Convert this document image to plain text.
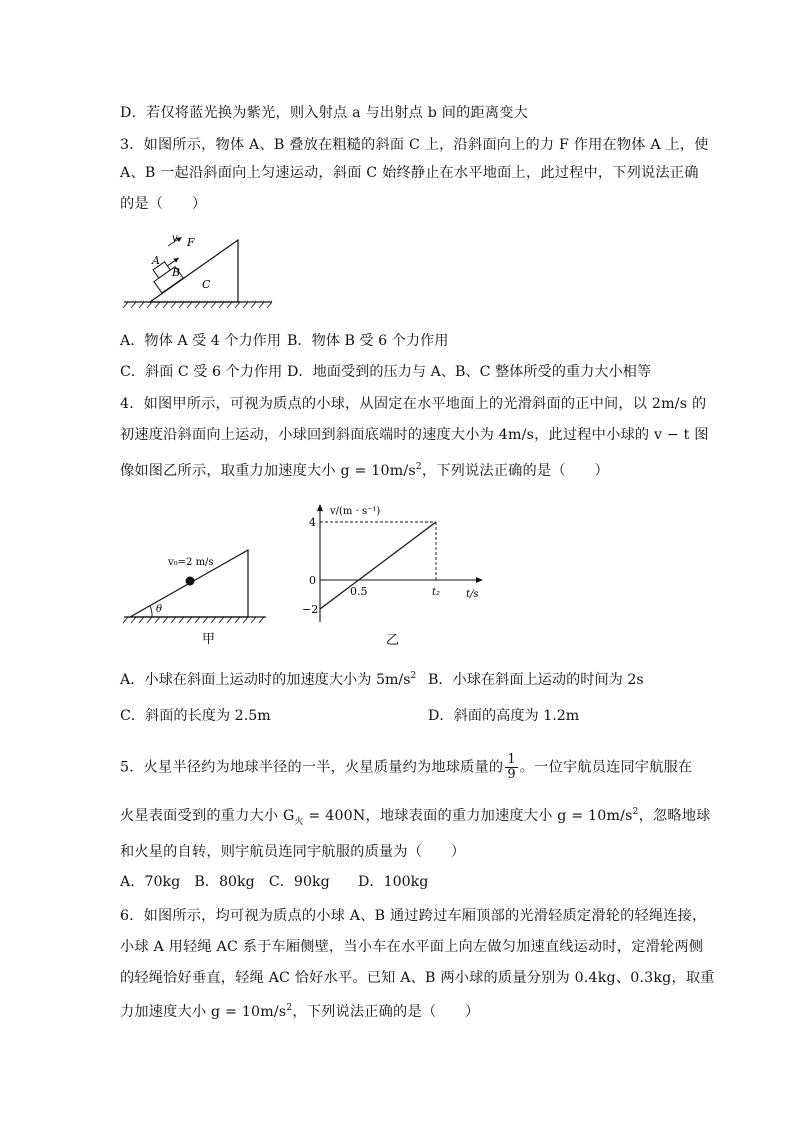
D．若仅将蓝光换为紫光，则入射点 a 与出射点 b 间的距离变大
3．如图所示，物体 A、B 叠放在粗糙的斜面 C 上，沿斜面向上的力 F 作用在物体 A 上，使
A、B 一起沿斜面向上匀速运动，斜面 C 始终静止在水平地面上，此过程中，下列说法正确
的是（　　）
v F
A
B
C
A．物体 A 受 4 个力作用 B．物体 B 受 6 个力作用
C．斜面 C 受 6 个力作用 D．地面受到的压力与 A、B、C 整体所受的重力大小相等
4．如图甲所示，可视为质点的小球，从固定在水平地面上的光滑斜面的正中间，以 2m/s 的
初速度沿斜面向上运动，小球回到斜面底端时的速度大小为 4m/s，此过程中小球的 v − t 图
像如图乙所示，取重力加速度大小 $g = 10m/s^2$，下列说法正确的是（　　）
θ
v₀=2 m/s
甲
v/(m · s⁻¹)
t/s
4
0
−2
0.5	t₂
乙
A．小球在斜面上运动时的加速度大小为 $5m/s^2$ B．小球在斜面上运动的时间为 2s
C．斜面的长度为 2.5m	D．斜面的高度为 1.2m
5．火星半径约为地球半径的一半，火星质量约为地球质量的 $\frac{1}{9}$ 。一位宇航员连同宇航服在
火星表面受到的重力大小 $G_火 = 400N$，地球表面的重力加速度大小 $g = 10m/s^2$，忽略地球
和火星的自转，则宇航员连同宇航服的质量为（　　）
A．70kg　B．80kg　C．90kg　　D．100kg
6．如图所示，均可视为质点的小球 A、B 通过跨过车厢顶部的光滑轻质定滑轮的轻绳连接，
小球 A 用轻绳 AC 系于车厢侧壁，当小车在水平面上向左做匀加速直线运动时，定滑轮两侧
的轻绳恰好垂直，轻绳 AC 恰好水平。已知 A、B 两小球的质量分别为 0.4kg、0.3kg，取重
力加速度大小 $g = 10m/s^2$，下列说法正确的是（　　）
